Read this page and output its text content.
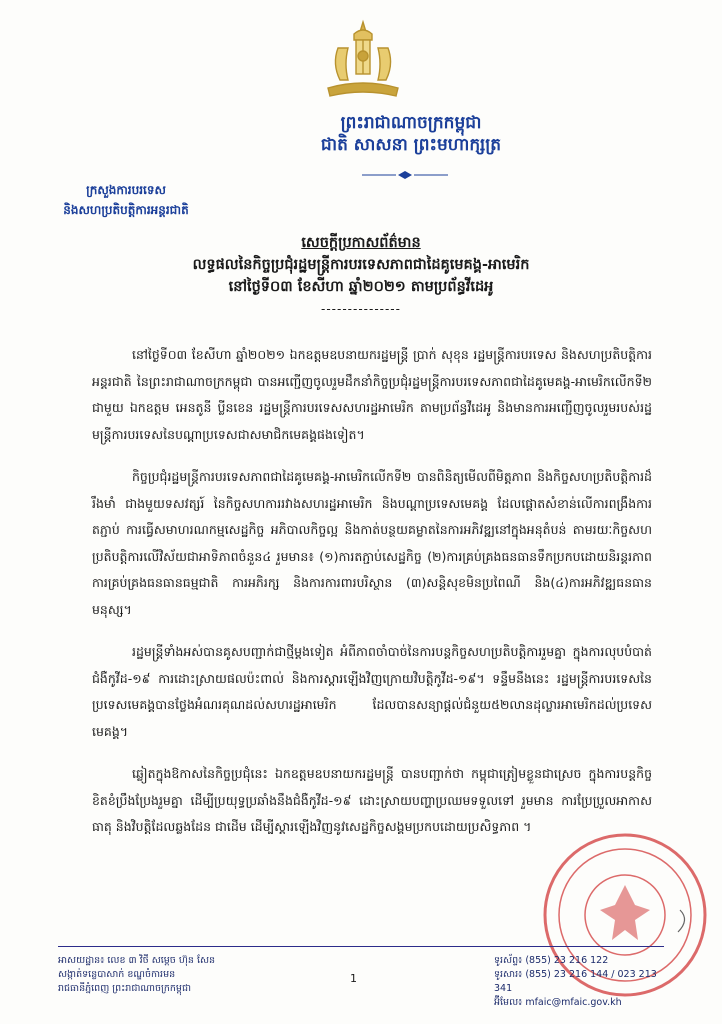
ព្រះរាជាណាចក្រកម្ពុជា
ជាតិ សាសនា ព្រះមហាក្សត្រ
ក្រសួងការបរទេស
និងសហប្រតិបត្តិការអន្តរជាតិ
សេចក្តីប្រកាសព័ត៌មាន
លទ្ធផលនៃកិច្ចប្រជុំរដ្ឋមន្ត្រីការបរទេសភាពជាដៃគូមេគង្គ-អាមេរិក
នៅថ្ងៃទី០៣ ខែសីហា ឆ្នាំ២០២១ តាមប្រព័ន្ធវីដេអូ
---------------

នៅថ្ងៃទី០៣ ខែសីហា ឆ្នាំ២០២១ ឯកឧត្តមឧបនាយករដ្ឋមន្ត្រី ប្រាក់ សុខុន រដ្ឋមន្ត្រីការបរទេស និងសហប្រតិបត្តិការអន្តរជាតិ នៃព្រះរាជាណាចក្រកម្ពុជា បានអញ្ជើញចូលរួមដឹកនាំកិច្ចប្រជុំរដ្ឋមន្ត្រីការបរទេសភាពជាដៃគូមេគង្គ-អាមេរិកលើកទី២ ជាមួយ ឯកឧត្តម អេនតូនី ប្លីនខេន រដ្ឋមន្ត្រីការបរទេសសហរដ្ឋអាមេរិក តាមប្រព័ន្ធវីដេអូ និងមានការអញ្ជើញចូលរួមរបស់រដ្ឋមន្ត្រីការបរទេសនៃបណ្តាប្រទេសជាសមាជិកមេគង្គផងទៀត។

កិច្ចប្រជុំរដ្ឋមន្ត្រីការបរទេសភាពជាដៃគូមេគង្គ-អាមេរិកលើកទី២ បានពិនិត្យមើលពីមិត្តភាព និងកិច្ចសហប្រតិបត្តិការដ៏រឹងមាំ ជាងមួយទសវត្សរ៍ នៃកិច្ចសហការរវាងសហរដ្ឋអាមេរិក និងបណ្តាប្រទេសមេគង្គ ដែលផ្តោតសំខាន់លើការពង្រឹងការតភ្ជាប់ ការធ្វើសមាហរណកម្មសេដ្ឋកិច្ច អភិបាលកិច្ចល្អ និងកាត់បន្ថយគម្លាតនៃការអភិវឌ្ឍនៅក្នុងអនុតំបន់ តាមរយៈកិច្ចសហប្រតិបត្តិការលើវិស័យជាអាទិភាពចំនួន៤ រួមមាន៖ (១)ការតភ្ជាប់សេដ្ឋកិច្ច (២)ការគ្រប់គ្រងធនធានទឹកប្រកបដោយនិរន្តរភាព ការគ្រប់គ្រងធនធានធម្មជាតិ ការអភិរក្ស និងការការពារបរិស្ថាន (៣)សន្តិសុខមិនប្រពៃណី និង(៤)ការអភិវឌ្ឍធនធានមនុស្ស។

រដ្ឋមន្ត្រីទាំងអស់បានគូសបញ្ជាក់ជាថ្មីម្តងទៀត អំពីភាពចាំបាច់នៃការបន្តកិច្ចសហប្រតិបត្តិការរួមគ្នា ក្នុងការលុបបំបាត់ជំងឺកូវីដ-១៩ ការដោះស្រាយផលប៉ះពាល់ និងការស្តារឡើងវិញក្រោយវិបត្តិកូវីដ-១៩។ ទន្ទឹមនឹងនេះ រដ្ឋមន្ត្រីការបរទេសនៃប្រទេសមេគង្គបានថ្លែងអំណរគុណដល់សហរដ្ឋអាមេរិក ដែលបានសន្យាផ្តល់ជំនួយ៥២លានដុល្លារអាមេរិកដល់ប្រទេសមេគង្គ។

ឆ្លៀតក្នុងឱកាសនៃកិច្ចប្រជុំនេះ ឯកឧត្តមឧបនាយករដ្ឋមន្ត្រី បានបញ្ជាក់ថា កម្ពុជាត្រៀមខ្លួនជាស្រេច ក្នុងការបន្តកិច្ចខិតខំប្រឹងប្រែងរួមគ្នា ដើម្បីប្រយុទ្ធប្រឆាំងនឹងជំងឺកូវីដ-១៩ ដោះស្រាយបញ្ហាប្រឈមទទួលទៅ រួមមាន ការប្រែប្រួលអាកាសធាតុ និងវិបត្តិដែលឆ្លងដែន ជាដើម ដើម្បីស្តារឡើងវិញនូវសេដ្ឋកិច្ចសង្គមប្រកបដោយប្រសិទ្ធភាព ។

អាសយដ្ឋាន៖ លេខ ៣ វិថី សម្តេច ហ៊ុន សែន
សង្កាត់ទន្លេបាសាក់ ខណ្ឌចំការមន
រាជធានីភ្នំពេញ ព្រះរាជាណាចក្រកម្ពុជា
1
ទូរស័ព្ទ៖ (855) 23 216 122
ទូរសារ៖ (855) 23 216 144 / 023 213 341
អ៊ីមែល៖ mfaic@mfaic.gov.kh
